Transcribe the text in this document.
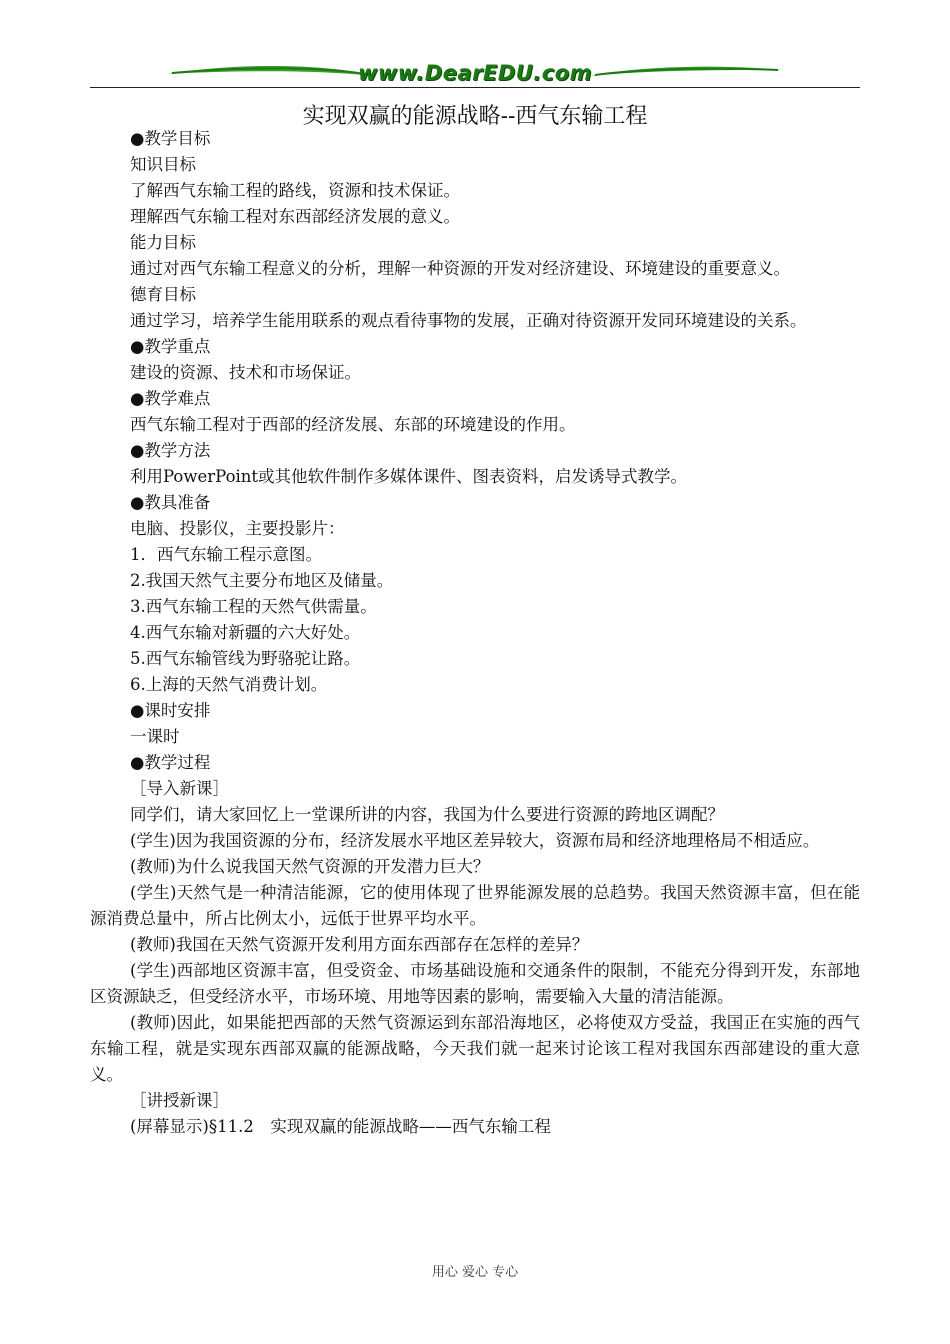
www.DearEDU.com
实现双赢的能源战略--西气东输工程
●教学目标
知识目标
了解西气东输工程的路线，资源和技术保证。
理解西气东输工程对东西部经济发展的意义。
能力目标
通过对西气东输工程意义的分析，理解一种资源的开发对经济建设、环境建设的重要意义。
德育目标
通过学习，培养学生能用联系的观点看待事物的发展，正确对待资源开发同环境建设的关系。
●教学重点
建设的资源、技术和市场保证。
●教学难点
西气东输工程对于西部的经济发展、东部的环境建设的作用。
●教学方法
利用PowerPoint或其他软件制作多媒体课件、图表资料，启发诱导式教学。
●教具准备
电脑、投影仪，主要投影片：
1．西气东输工程示意图。
2.我国天然气主要分布地区及储量。
3.西气东输工程的天然气供需量。
4.西气东输对新疆的六大好处。
5.西气东输管线为野骆驼让路。
6.上海的天然气消费计划。
●课时安排
一课时
●教学过程
［导入新课］
同学们，请大家回忆上一堂课所讲的内容，我国为什么要进行资源的跨地区调配？
(学生)因为我国资源的分布，经济发展水平地区差异较大，资源布局和经济地理格局不相适应。
(教师)为什么说我国天然气资源的开发潜力巨大？
(学生)天然气是一种清洁能源，它的使用体现了世界能源发展的总趋势。我国天然资源丰富，但在能源消费总量中，所占比例太小，远低于世界平均水平。
(教师)我国在天然气资源开发利用方面东西部存在怎样的差异？
(学生)西部地区资源丰富，但受资金、市场基础设施和交通条件的限制，不能充分得到开发，东部地区资源缺乏，但受经济水平，市场环境、用地等因素的影响，需要输入大量的清洁能源。
(教师)因此，如果能把西部的天然气资源运到东部沿海地区，必将使双方受益，我国正在实施的西气东输工程，就是实现东西部双赢的能源战略，今天我们就一起来讨论该工程对我国东西部建设的重大意义。
［讲授新课］
(屏幕显示)§11.2　实现双赢的能源战略——西气东输工程
用心 爱心 专心
